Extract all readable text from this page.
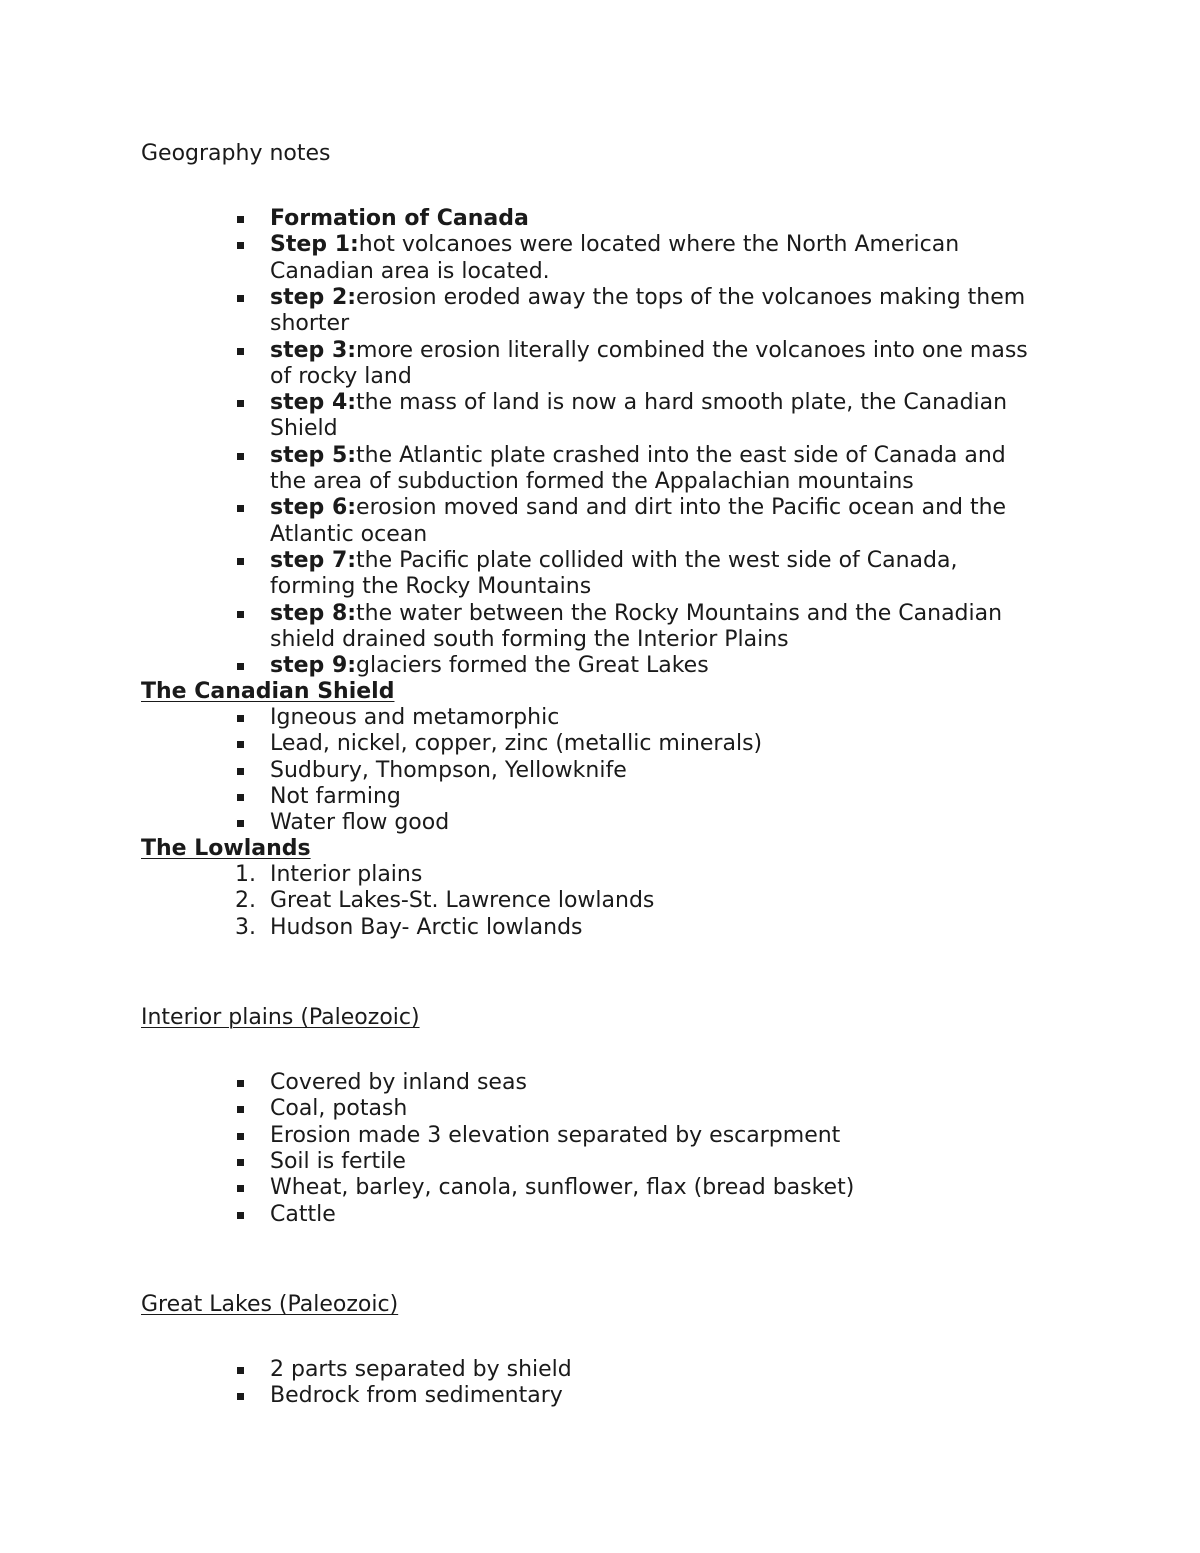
Geography notes
Formation of Canada
Step 1:hot volcanoes were located where the North American
Canadian area is located.
step 2:erosion eroded away the tops of the volcanoes making them
shorter
step 3:more erosion literally combined the volcanoes into one mass
of rocky land
step 4:the mass of land is now a hard smooth plate, the Canadian
Shield
step 5:the Atlantic plate crashed into the east side of Canada and
the area of subduction formed the Appalachian mountains
step 6:erosion moved sand and dirt into the Pacific ocean and the
Atlantic ocean
step 7:the Pacific plate collided with the west side of Canada,
forming the Rocky Mountains
step 8:the water between the Rocky Mountains and the Canadian
shield drained south forming the Interior Plains
step 9:glaciers formed the Great Lakes
The Canadian Shield
Igneous and metamorphic
Lead, nickel, copper, zinc (metallic minerals)
Sudbury, Thompson, Yellowknife
Not farming
Water flow good
The Lowlands
1. Interior plains
2. Great Lakes-St. Lawrence lowlands
3. Hudson Bay- Arctic lowlands
Interior plains (Paleozoic)
Covered by inland seas
Coal, potash
Erosion made 3 elevation separated by escarpment
Soil is fertile
Wheat, barley, canola, sunflower, flax (bread basket)
Cattle
Great Lakes (Paleozoic)
2 parts separated by shield
Bedrock from sedimentary
